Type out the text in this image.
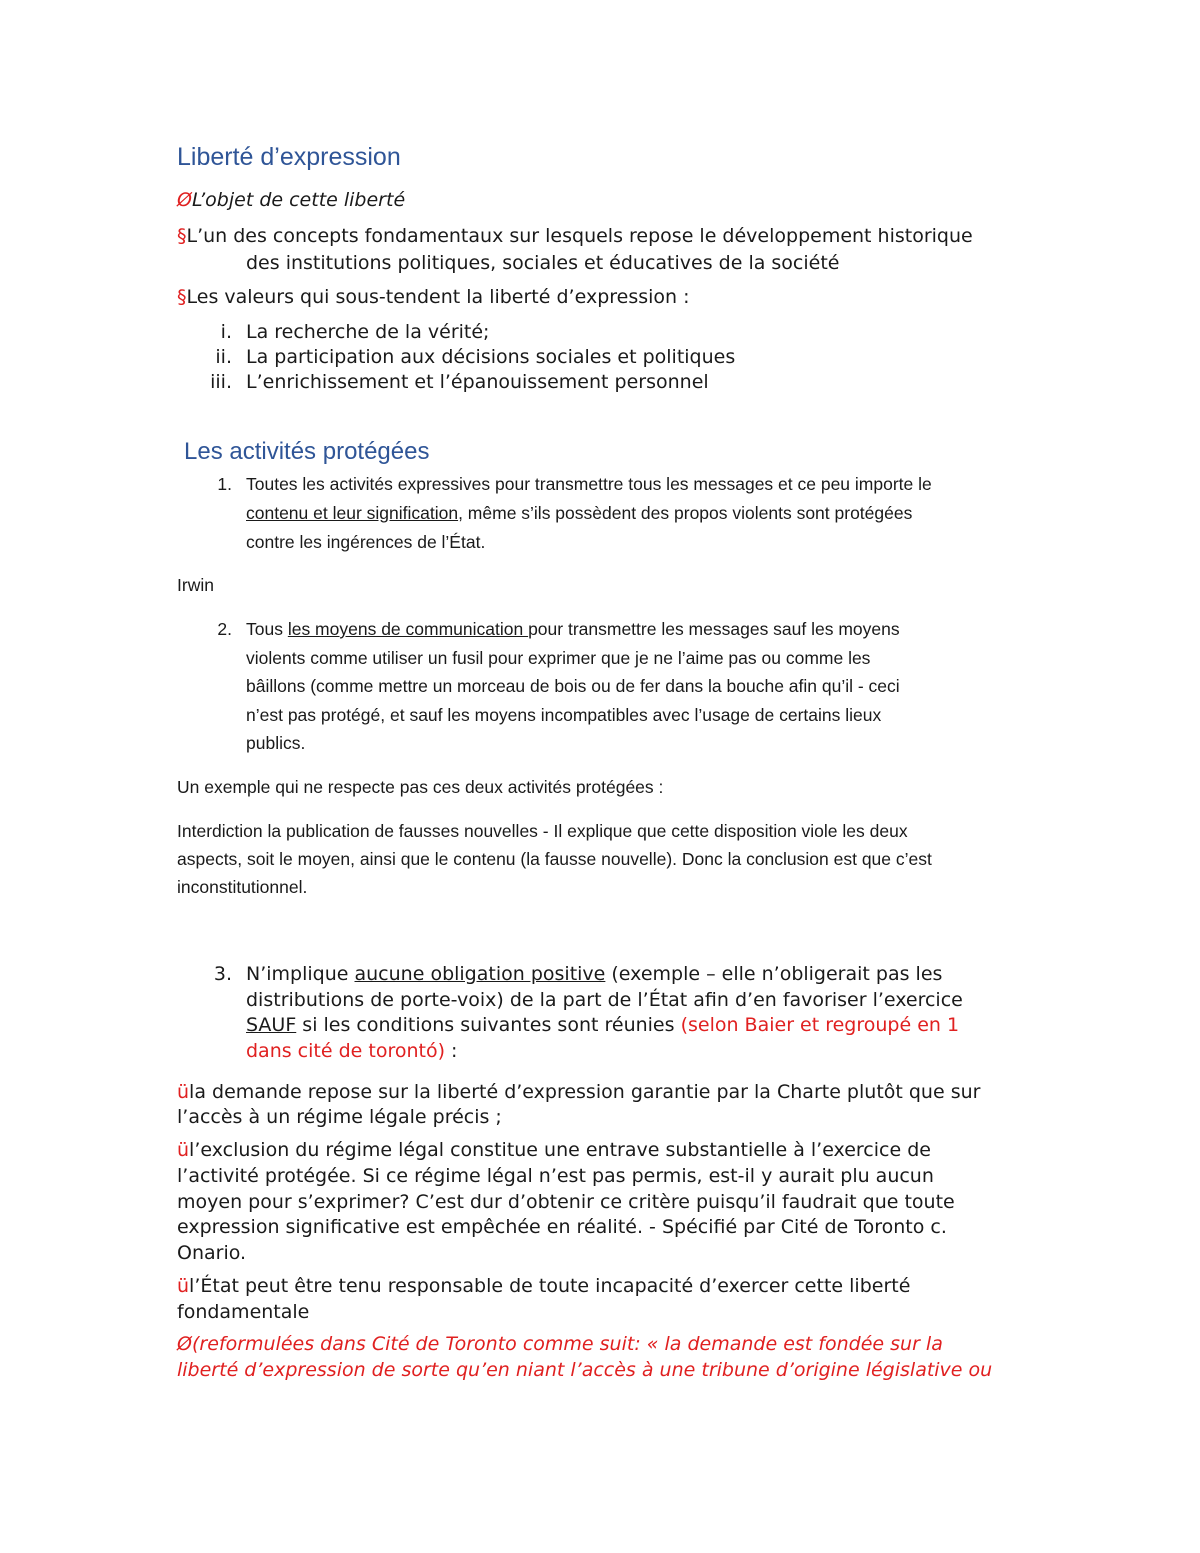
Liberté d’expression
ØL’objet de cette liberté
§L’un des concepts fondamentaux sur lesquels repose le développement historique
des institutions politiques, sociales et éducatives de la société
§Les valeurs qui sous-tendent la liberté d’expression :
i. La recherche de la vérité;
ii. La participation aux décisions sociales et politiques
iii. L’enrichissement et l’épanouissement personnel
Les activités protégées
1. Toutes les activités expressives pour transmettre tous les messages et ce peu importe le
contenu et leur signification, même s’ils possèdent des propos violents sont protégées
contre les ingérences de l’État.
Irwin
2. Tous les moyens de communication pour transmettre les messages sauf les moyens
violents comme utiliser un fusil pour exprimer que je ne l’aime pas ou comme les
bâillons (comme mettre un morceau de bois ou de fer dans la bouche afin qu’il - ceci
n’est pas protégé, et sauf les moyens incompatibles avec l’usage de certains lieux
publics.
Un exemple qui ne respecte pas ces deux activités protégées :
Interdiction la publication de fausses nouvelles - Il explique que cette disposition viole les deux
aspects, soit le moyen, ainsi que le contenu (la fausse nouvelle). Donc la conclusion est que c’est
inconstitutionnel.
3. N’implique aucune obligation positive (exemple – elle n’obligerait pas les
distributions de porte-voix) de la part de l’État afin d’en favoriser l’exercice
SAUF si les conditions suivantes sont réunies (selon Baier et regroupé en 1
dans cité de torontó) :
üla demande repose sur la liberté d’expression garantie par la Charte plutôt que sur
l’accès à un régime légale précis ;
ül’exclusion du régime légal constitue une entrave substantielle à l’exercice de
l’activité protégée. Si ce régime légal n’est pas permis, est-il y aurait plu aucun
moyen pour s’exprimer? C’est dur d’obtenir ce critère puisqu’il faudrait que toute
expression significative est empêchée en réalité. - Spécifié par Cité de Toronto c.
Onario.
ül’État peut être tenu responsable de toute incapacité d’exercer cette liberté
fondamentale
Ø(reformulées dans Cité de Toronto comme suit: « la demande est fondée sur la
liberté d’expression de sorte qu’en niant l’accès à une tribune d’origine législative ou
